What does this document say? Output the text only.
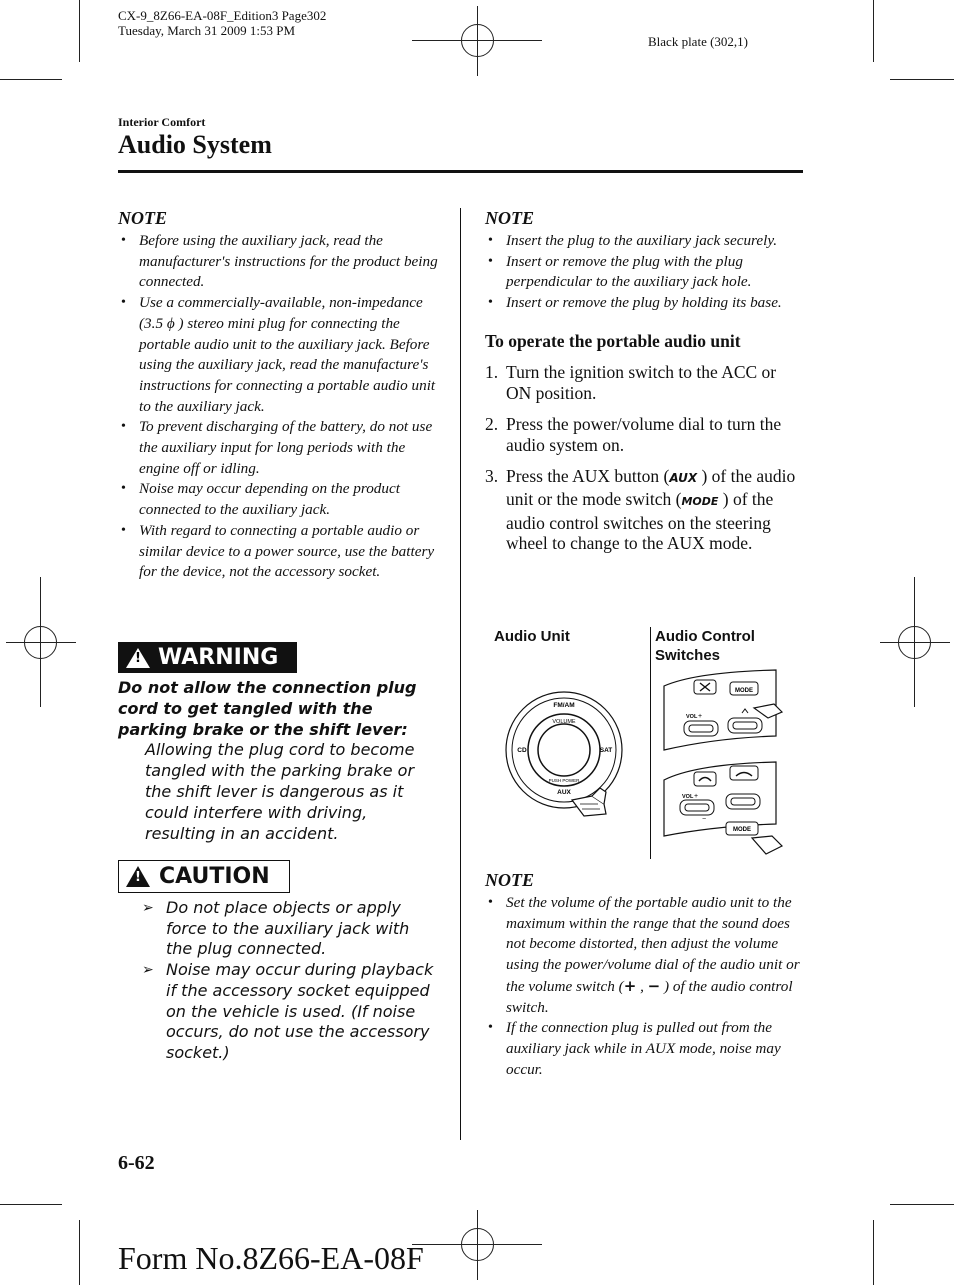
CX-9_8Z66-EA-08F_Edition3 Page302
Tuesday, March 31 2009 1:53 PM
Black plate (302,1)
Interior Comfort
Audio System
NOTE
• Before using the auxiliary jack, read the manufacturer's instructions for the product being connected.
• Use a commercially-available, non-impedance (3.5 ϕ ) stereo mini plug for connecting the portable audio unit to the auxiliary jack. Before using the auxiliary jack, read the manufacture's instructions for connecting a portable audio unit to the auxiliary jack.
• To prevent discharging of the battery, do not use the auxiliary input for long periods with the engine off or idling.
• Noise may occur depending on the product connected to the auxiliary jack.
• With regard to connecting a portable audio or similar device to a power source, use the battery for the device, not the accessory socket.
!
WARNING
Do not allow the connection plug cord to get tangled with the parking brake or the shift lever:
Allowing the plug cord to become tangled with the parking brake or the shift lever is dangerous as it could interfere with driving, resulting in an accident.
! CAUTION
➢ Do not place objects or apply force to the auxiliary jack with the plug connected.
➢ Noise may occur during playback if the accessory socket equipped on the vehicle is used. (If noise occurs, do not use the accessory socket.)
NOTE
• Insert the plug to the auxiliary jack securely.
• Insert or remove the plug with the plug perpendicular to the auxiliary jack hole.
• Insert or remove the plug by holding its base.
To operate the portable audio unit
1. Turn the ignition switch to the ACC or ON position.
2. Press the power/volume dial to turn the audio system on.
3. Press the AUX button (AUX ) of the audio unit or the mode switch (MODE ) of the audio control switches on the steering wheel to change to the AUX mode.
Audio Unit	Audio Control Switches
FM/AM
VOLUME
CD	SAT
PUSH POWER
AUX
MODE
VOL +
VOL +
−
MODE
NOTE
• Set the volume of the portable audio unit to the maximum within the range that the sound does not become distorted, then adjust the volume using the power/volume dial of the audio unit or the volume switch (+ , − ) of the audio control switch.
• If the connection plug is pulled out from the auxiliary jack while in AUX mode, noise may occur.
6-62
Form No.8Z66-EA-08F
